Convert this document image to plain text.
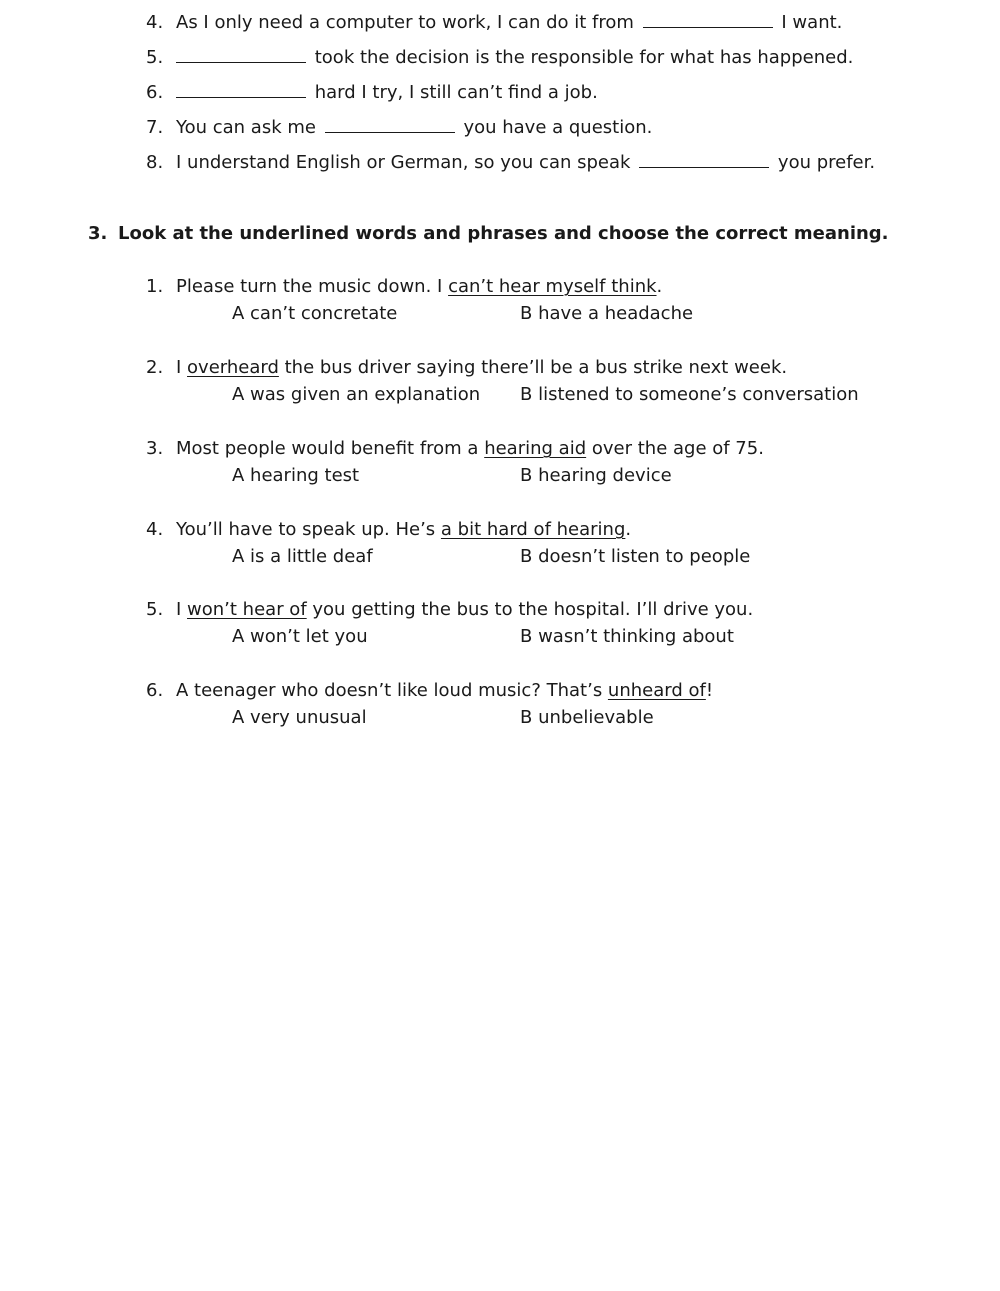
4. As I only need a computer to work, I can do it from	I want.
5.	took the decision is the responsible for what has happened.
6.	hard I try, I still can’t find a job.
7. You can ask me	you have a question.
8. I understand English or German, so you can speak	you prefer.
3. Look at the underlined words and phrases and choose the correct meaning.
1. Please turn the music down. I can’t hear myself think.
A can’t concretate	B have a headache
2. I overheard the bus driver saying there’ll be a bus strike next week.
A was given an explanation B listened to someone’s conversation
3. Most people would benefit from a hearing aid over the age of 75.
A hearing test	B hearing device
4. You’ll have to speak up. He’s a bit hard of hearing.
A is a little deaf	B doesn’t listen to people
5. I won’t hear of you getting the bus to the hospital. I’ll drive you.
A won’t let you	B wasn’t thinking about
6. A teenager who doesn’t like loud music? That’s unheard of!
A very unusual	B unbelievable
